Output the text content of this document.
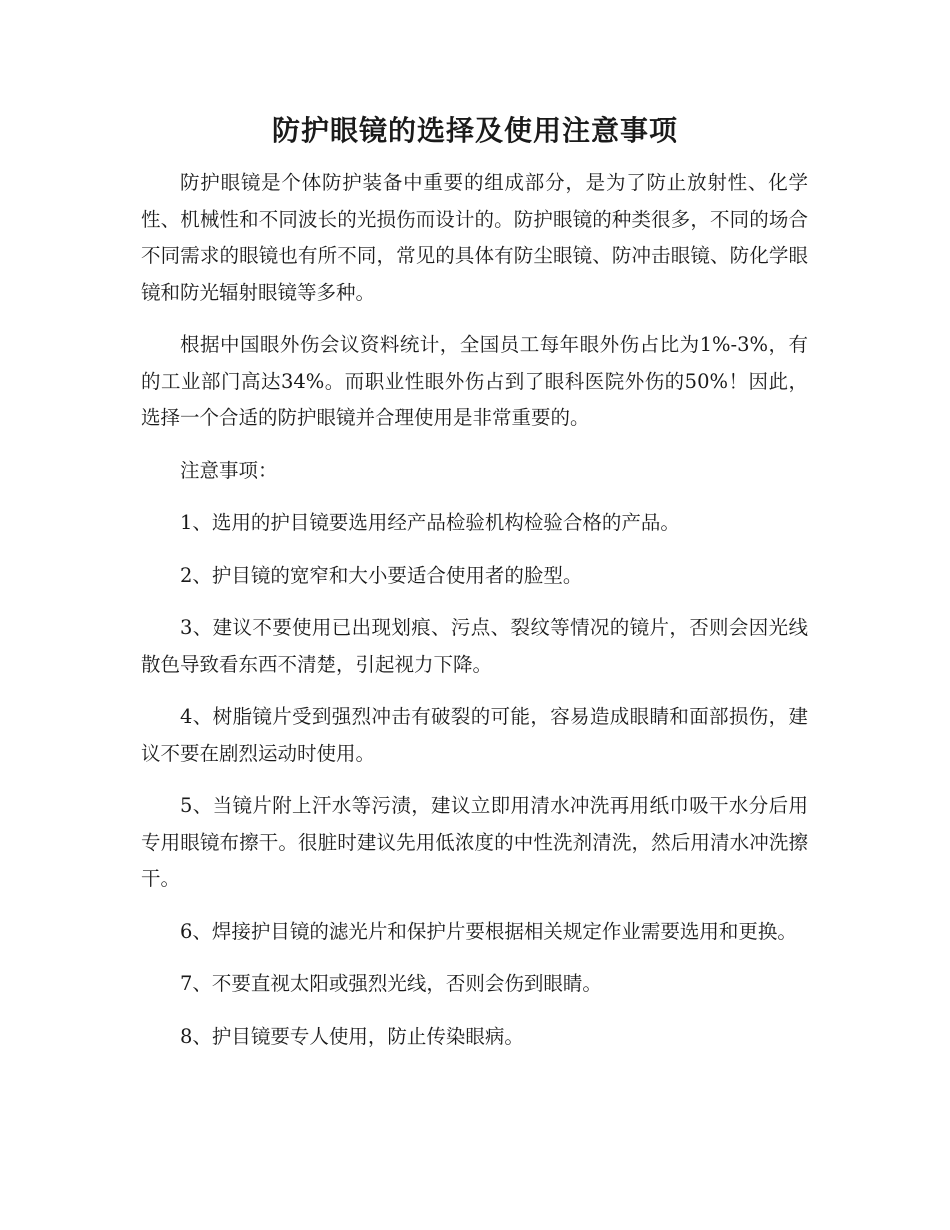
防护眼镜的选择及使用注意事项

防护眼镜是个体防护装备中重要的组成部分，是为了防止放射性、化学性、机械性和不同波长的光损伤而设计的。防护眼镜的种类很多，不同的场合不同需求的眼镜也有所不同，常见的具体有防尘眼镜、防冲击眼镜、防化学眼镜和防光辐射眼镜等多种。

根据中国眼外伤会议资料统计，全国员工每年眼外伤占比为1%-3%，有的工业部门高达34%。而职业性眼外伤占到了眼科医院外伤的50%！因此，选择一个合适的防护眼镜并合理使用是非常重要的。

注意事项：

1、选用的护目镜要选用经产品检验机构检验合格的产品。

2、护目镜的宽窄和大小要适合使用者的脸型。

3、建议不要使用已出现划痕、污点、裂纹等情况的镜片，否则会因光线散色导致看东西不清楚，引起视力下降。

4、树脂镜片受到强烈冲击有破裂的可能，容易造成眼睛和面部损伤，建议不要在剧烈运动时使用。

5、当镜片附上汗水等污渍，建议立即用清水冲洗再用纸巾吸干水分后用专用眼镜布擦干。很脏时建议先用低浓度的中性洗剂清洗，然后用清水冲洗擦干。

6、焊接护目镜的滤光片和保护片要根据相关规定作业需要选用和更换。

7、不要直视太阳或强烈光线，否则会伤到眼睛。

8、护目镜要专人使用，防止传染眼病。
